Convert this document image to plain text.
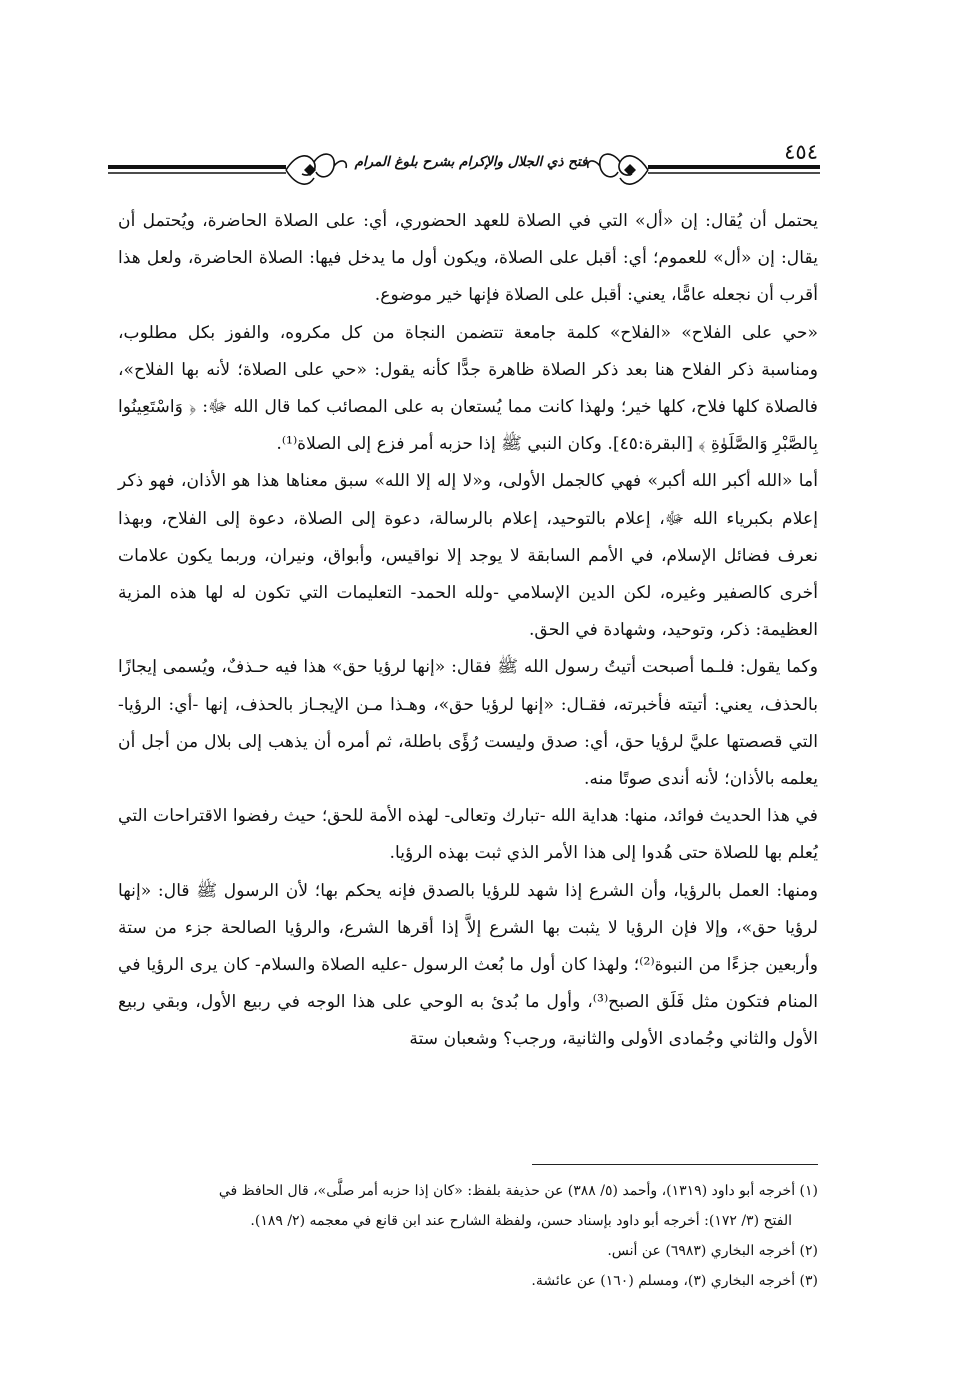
فتح ذي الجلال والإكرام بشرح بلوغ المرام	٤٥٤

يحتمل أن يُقال: إن «أل» التي في الصلاة للعهد الحضوري، أي: على الصلاة الحاضرة، ويُحتمل أن يقال: إن «أل» للعموم؛ أي: أقبل على الصلاة، ويكون أول ما يدخل فيها: الصلاة الحاضرة، ولعل هذا أقرب أن نجعله عامًّا، يعني: أقبل على الصلاة فإنها خير موضوع.

«حي على الفلاح» «الفلاح» كلمة جامعة تتضمن النجاة من كل مكروه، والفوز بكل مطلوب، ومناسبة ذكر الفلاح هنا بعد ذكر الصلاة ظاهرة جدًّا كأنه يقول: «حي على الصلاة؛ لأنه بها الفلاح»، فالصلاة كلها فلاح، كلها خير؛ ولهذا كانت مما يُستعان به على المصائب كما قال الله ﷻ: ﴿ وَاسْتَعِينُوا بِالصَّبْرِ وَالصَّلَوٰةِ ﴾ [البقرة:٤٥]. وكان النبي ﷺ إذا حزبه أمر فزع إلى الصلاة⁽¹⁾.

أما «الله أكبر الله أكبر» فهي كالجمل الأولى، و«لا إله إلا الله» سبق معناها هذا هو الأذان، فهو ذكر إعلام بكبرياء الله ﷻ، إعلام بالتوحيد، إعلام بالرسالة، دعوة إلى الصلاة، دعوة إلى الفلاح، وبهذا نعرف فضائل الإسلام، في الأمم السابقة لا يوجد إلا نواقيس، وأبواق، ونيران، وربما يكون علامات أخرى كالصفير وغيره، لكن الدين الإسلامي -ولله الحمد- التعليمات التي تكون له لها هذه المزية العظيمة: ذكر، وتوحيد، وشهادة في الحق.

وكما يقول: فلـما أصبحت أتيتُ رسول الله ﷺ فقال: «إنها لرؤيا حق» هذا فيه حـذفٌ، ويُسمى إيجازًا بالحذف، يعني: أتيته فأخبرته، فقـال: «إنها لرؤيا حق»، وهـذا مـن الإيجـاز بالحذف، إنها -أي: الرؤيا- التي قصصتها عليَّ لرؤيا حق، أي: صدق وليست رُؤًى باطلة، ثم أمره أن يذهب إلى بلال من أجل أن يعلمه بالأذان؛ لأنه أندى صوتًا منه.

في هذا الحديث فوائد، منها: هداية الله -تبارك وتعالى- لهذه الأمة للحق؛ حيث رفضوا الاقتراحات التي يُعلم بها للصلاة حتى هُدوا إلى هذا الأمر الذي ثبت بهذه الرؤيا.

ومنها: العمل بالرؤيا، وأن الشرع إذا شهد للرؤيا بالصدق فإنه يحكم بها؛ لأن الرسول ﷺ قال: «إنها لرؤيا حق»، وإلا فإن الرؤيا لا يثبت بها الشرع إلاَّ إذا أقرها الشرع، والرؤيا الصالحة جزء من ستة وأربعين جزءًا من النبوة⁽²⁾؛ ولهذا كان أول ما بُعث الرسول -عليه الصلاة والسلام- كان يرى الرؤيا في المنام فتكون مثل فَلَق الصبح⁽³⁾، وأول ما بُدئ به الوحي على هذا الوجه في ربيع الأول، وبقي ربيع الأول والثاني وجُمادى الأولى والثانية، ورجب؟ وشعبان ستة

(١) أخرجه أبو داود (١٣١٩)، وأحمد (٥/ ٣٨٨) عن حذيفة بلفظ: «كان إذا حزبه أمر صلَّى»، قال الحافظ في

الفتح (٣/ ١٧٢): أخرجه أبو داود بإسناد حسن، ولفظة الشارح عند ابن قانع في معجمه (٢/ ١٨٩).

(٢) أخرجه البخاري (٦٩٨٣) عن أنس.

(٣) أخرجه البخاري (٣)، ومسلم (١٦٠) عن عائشة.
